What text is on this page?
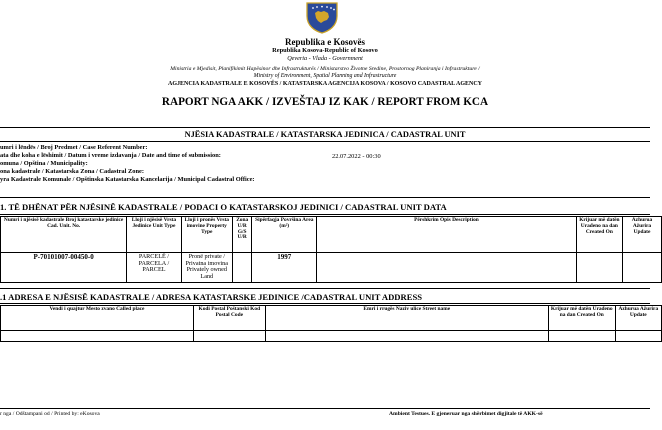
Republika e Kosovës
Republika Kosova-Republic of Kosovo
Qeveria - Vlada - Government
Ministria e Mjedisit, Planifikimit Hapësinor dhe Infrastrukturës / Ministarstvo Životne Sredine, Prostornog Planiranja i Infrastrukture /
Ministry of Environment, Spatial Planning and Infrastructure
AGJENCIA KADASTRALE E KOSOVËS / KATASTARSKA AGENCIJA KOSOVA / KOSOVO CADASTRAL AGENCY
RAPORT NGA AKK / IZVEŠTAJ IZ KAK / REPORT FROM KCA
NJËSIA KADASTRALE / KATASTARSKA JEDINICA / CADASTRAL UNIT
umri i lëndës / Broj Predmet / Case Referent Number:
ata dhe koha e lëshimit / Datum i vreme izdavanja / Date and time of submission:	22.07.2022 - 00:30
omuna / Opština / Municipality:
ona kadastrale / Katastarska Zona / Cadastral Zone:
yra Kadastrale Komunale / Opštinska Katastarska Kancelarija / Municipal Cadastral Office:
1. TË DHËNAT PËR NJËSINË KADASTRALE / PODACI O KATASTARSKOJ JEDINICI / CADASTRAL UNIT DATA
Numri i njësisë kadastrale Broj katastarske jedinice Cad. Unit. No.	Lloji i njësisë Vrsta Jedinice Unit Type	Lloji i pronës Vrsta imovine Property Type	Zona U/R G/S U/R	Sipërfaqja Površina Area (m²)	Përshkrim Opis Description	Krijuar më datën Urađeno na dan Created On	Azhurua Ažurira Update
P-70101007-00450-0	PARCELË / PARCELA / PARCEL	Pronë private / Privatna imovina Privately owned Land		1997			
.1 ADRESA E NJËSISË KADASTRALE / ADRESA KATASTARSKE JEDINICE /CADASTRAL UNIT ADDRESS
Vendi i quajtur Mesto zvano Called place	Kodi Postal Poštanski Kod Postal Code	Emri i rrugës Naziv ulice Street name	Krijuar më datën Urađeno na dan Created On	Azhurua Ažurira Update

r nga / Odštampani od / Printed by: eKosova	Ambient Testues. E gjeneruar nga shërbimet digjitale të AKK-së
